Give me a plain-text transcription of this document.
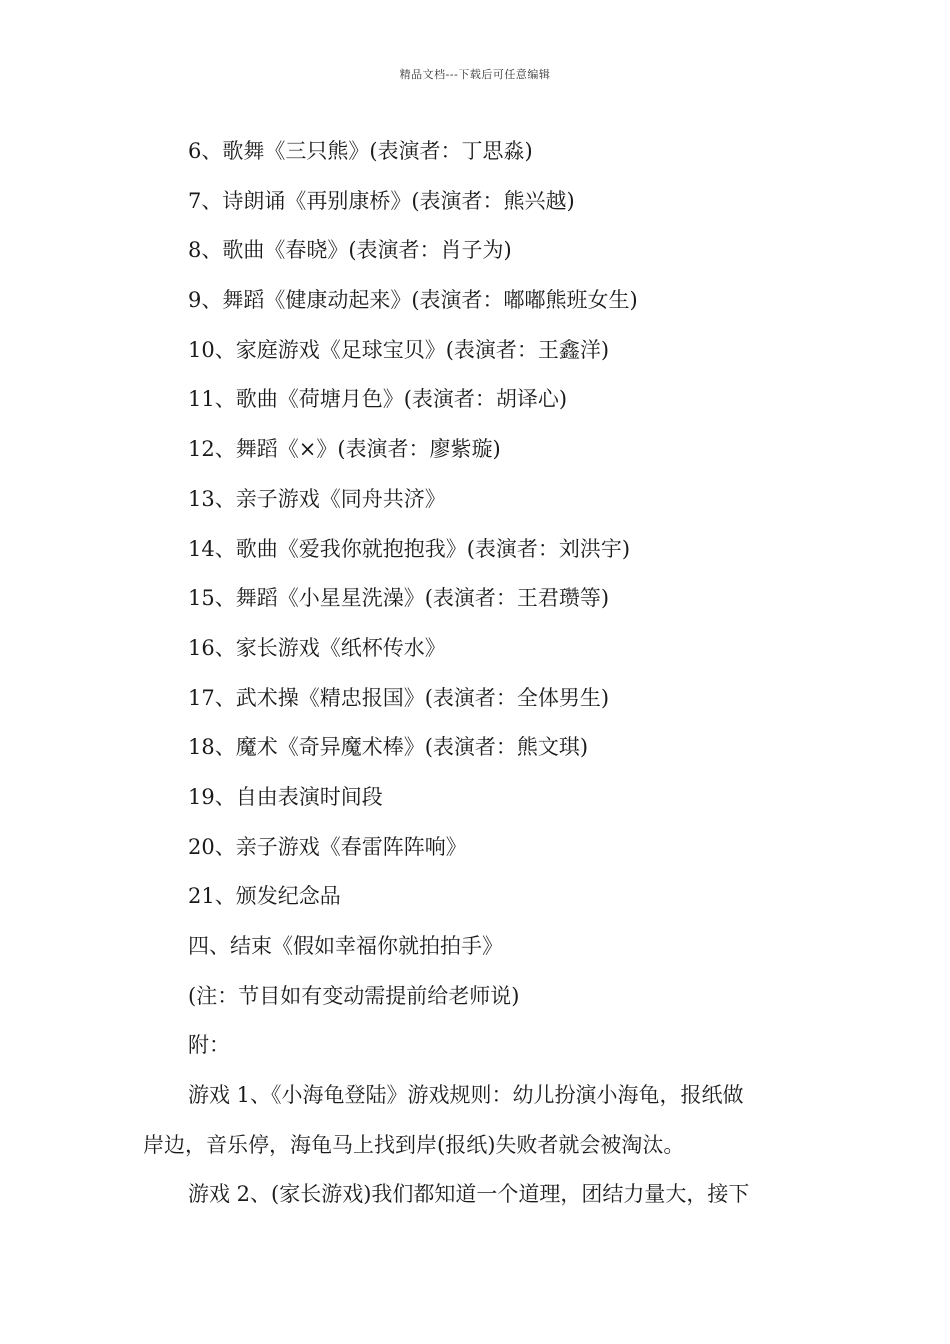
精品文档---下载后可任意编辑
6、歌舞《三只熊》(表演者：丁思淼)
7、诗朗诵《再别康桥》(表演者：熊兴越)
8、歌曲《春晓》(表演者：肖子为)
9、舞蹈《健康动起来》(表演者：嘟嘟熊班女生)
10、家庭游戏《足球宝贝》(表演者：王鑫洋)
11、歌曲《荷塘月色》(表演者：胡译心)
12、舞蹈《×》(表演者：廖紫璇)
13、亲子游戏《同舟共济》
14、歌曲《爱我你就抱抱我》(表演者：刘洪宇)
15、舞蹈《小星星洗澡》(表演者：王君瓒等)
16、家长游戏《纸杯传水》
17、武术操《精忠报国》(表演者：全体男生)
18、魔术《奇异魔术棒》(表演者：熊文琪)
19、自由表演时间段
20、亲子游戏《春雷阵阵响》
21、颁发纪念品
四、结束《假如幸福你就拍拍手》
(注：节目如有变动需提前给老师说)
附：
游戏 1、《小海龟登陆》游戏规则：幼儿扮演小海龟，报纸做
岸边，音乐停，海龟马上找到岸(报纸)失败者就会被淘汰。
游戏 2、(家长游戏)我们都知道一个道理，团结力量大，接下
